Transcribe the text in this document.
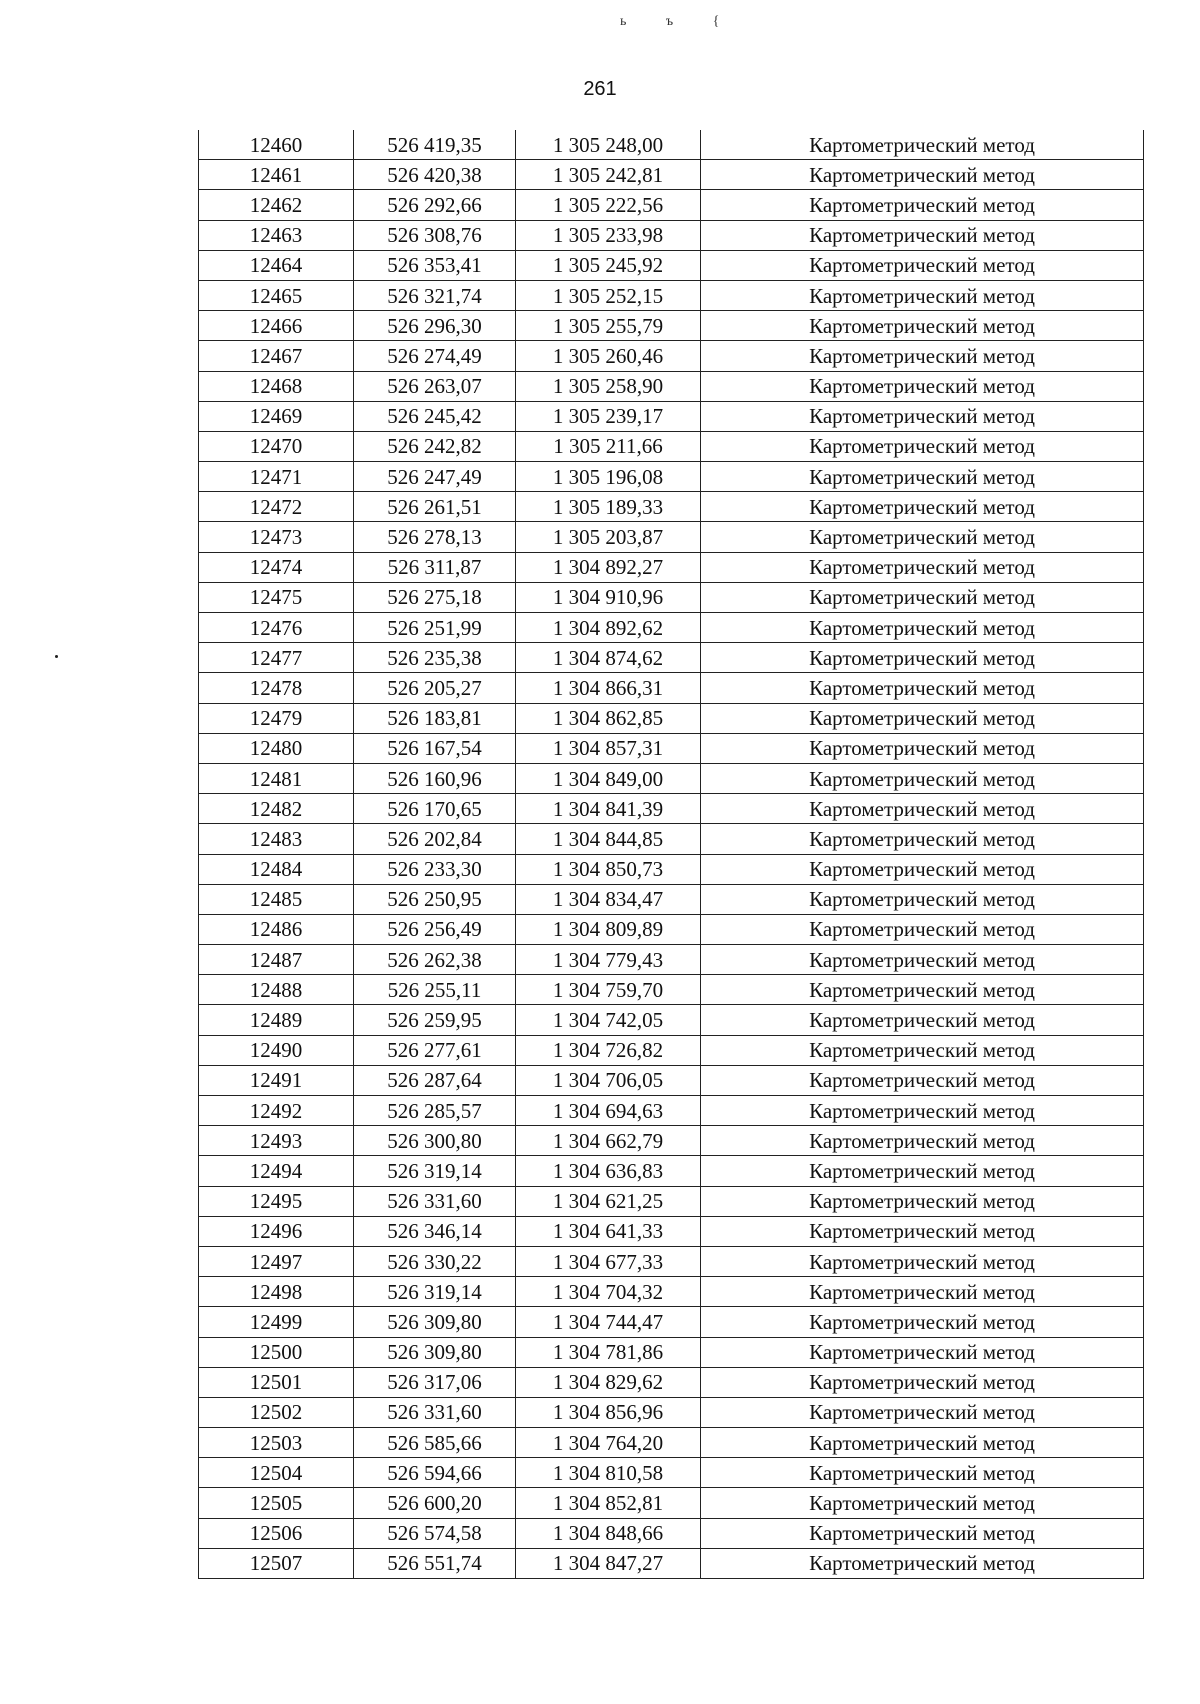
ь ъ {
261
12460	526 419,35	1 305 248,00	Картометрический метод
12461	526 420,38	1 305 242,81	Картометрический метод
12462	526 292,66	1 305 222,56	Картометрический метод
12463	526 308,76	1 305 233,98	Картометрический метод
12464	526 353,41	1 305 245,92	Картометрический метод
12465	526 321,74	1 305 252,15	Картометрический метод
12466	526 296,30	1 305 255,79	Картометрический метод
12467	526 274,49	1 305 260,46	Картометрический метод
12468	526 263,07	1 305 258,90	Картометрический метод
12469	526 245,42	1 305 239,17	Картометрический метод
12470	526 242,82	1 305 211,66	Картометрический метод
12471	526 247,49	1 305 196,08	Картометрический метод
12472	526 261,51	1 305 189,33	Картометрический метод
12473	526 278,13	1 305 203,87	Картометрический метод
12474	526 311,87	1 304 892,27	Картометрический метод
12475	526 275,18	1 304 910,96	Картометрический метод
12476	526 251,99	1 304 892,62	Картометрический метод
12477	526 235,38	1 304 874,62	Картометрический метод
12478	526 205,27	1 304 866,31	Картометрический метод
12479	526 183,81	1 304 862,85	Картометрический метод
12480	526 167,54	1 304 857,31	Картометрический метод
12481	526 160,96	1 304 849,00	Картометрический метод
12482	526 170,65	1 304 841,39	Картометрический метод
12483	526 202,84	1 304 844,85	Картометрический метод
12484	526 233,30	1 304 850,73	Картометрический метод
12485	526 250,95	1 304 834,47	Картометрический метод
12486	526 256,49	1 304 809,89	Картометрический метод
12487	526 262,38	1 304 779,43	Картометрический метод
12488	526 255,11	1 304 759,70	Картометрический метод
12489	526 259,95	1 304 742,05	Картометрический метод
12490	526 277,61	1 304 726,82	Картометрический метод
12491	526 287,64	1 304 706,05	Картометрический метод
12492	526 285,57	1 304 694,63	Картометрический метод
12493	526 300,80	1 304 662,79	Картометрический метод
12494	526 319,14	1 304 636,83	Картометрический метод
12495	526 331,60	1 304 621,25	Картометрический метод
12496	526 346,14	1 304 641,33	Картометрический метод
12497	526 330,22	1 304 677,33	Картометрический метод
12498	526 319,14	1 304 704,32	Картометрический метод
12499	526 309,80	1 304 744,47	Картометрический метод
12500	526 309,80	1 304 781,86	Картометрический метод
12501	526 317,06	1 304 829,62	Картометрический метод
12502	526 331,60	1 304 856,96	Картометрический метод
12503	526 585,66	1 304 764,20	Картометрический метод
12504	526 594,66	1 304 810,58	Картометрический метод
12505	526 600,20	1 304 852,81	Картометрический метод
12506	526 574,58	1 304 848,66	Картометрический метод
12507	526 551,74	1 304 847,27	Картометрический метод
